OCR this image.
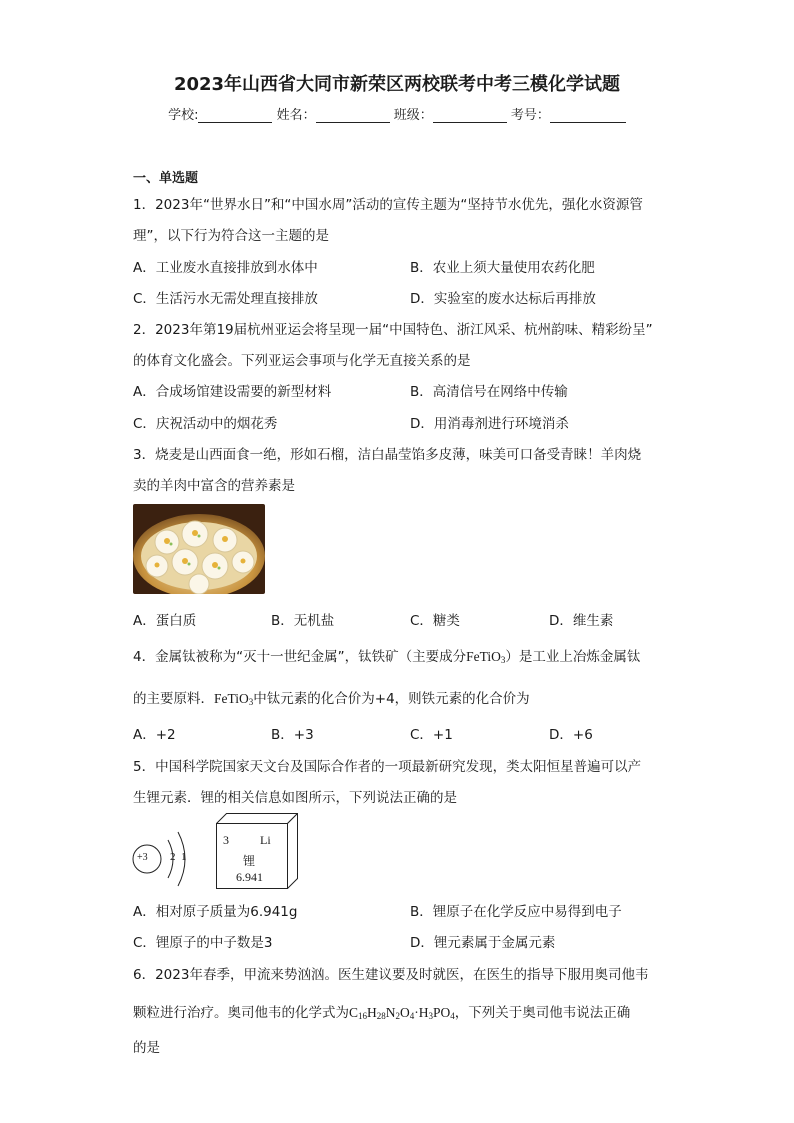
2023年山西省大同市新荣区两校联考中考三模化学试题
学校:	姓名：	班级：	考号：
一、单选题
1．2023年“世界水日”和“中国水周”活动的宣传主题为“坚持节水优先，强化水资源管
理”，以下行为符合这一主题的是
A．工业废水直接排放到水体中	B．农业上须大量使用农药化肥
C．生活污水无需处理直接排放	D．实验室的废水达标后再排放
2．2023年第19届杭州亚运会将呈现一届“中国特色、浙江风采、杭州韵味、精彩纷呈”
的体育文化盛会。下列亚运会事项与化学无直接关系的是
A．合成场馆建设需要的新型材料	B．高清信号在网络中传输
C．庆祝活动中的烟花秀	D．用消毒剂进行环境消杀
3．烧麦是山西面食一绝，形如石榴，洁白晶莹馅多皮薄，味美可口备受青睐！羊肉烧
卖的羊肉中富含的营养素是
A．蛋白质	B．无机盐	C．糖类	D．维生素
4．金属钛被称为“灭十一世纪金属”，钛铁矿（主要成分FeTiO$_3$）是工业上冶炼金属钛
的主要原料．FeTiO$_3$中钛元素的化合价为+4，则铁元素的化合价为
A．+2	B．+3	C．+1	D．+6
5．中国科学院国家天文台及国际合作者的一项最新研究发现，类太阳恒星普遍可以产
生锂元素．锂的相关信息如图所示，下列说法正确的是
+3 2 1
3	Li
锂
6.941
A．相对原子质量为6.941g	B．锂原子在化学反应中易得到电子
C．锂原子的中子数是3	D．锂元素属于金属元素
6．2023年春季，甲流来势汹汹。医生建议要及时就医，在医生的指导下服用奥司他韦
颗粒进行治疗。奥司他韦的化学式为$C_{16}H_{28}N_2O_4\cdot H_3PO_4$，下列关于奥司他韦说法正确
的是
